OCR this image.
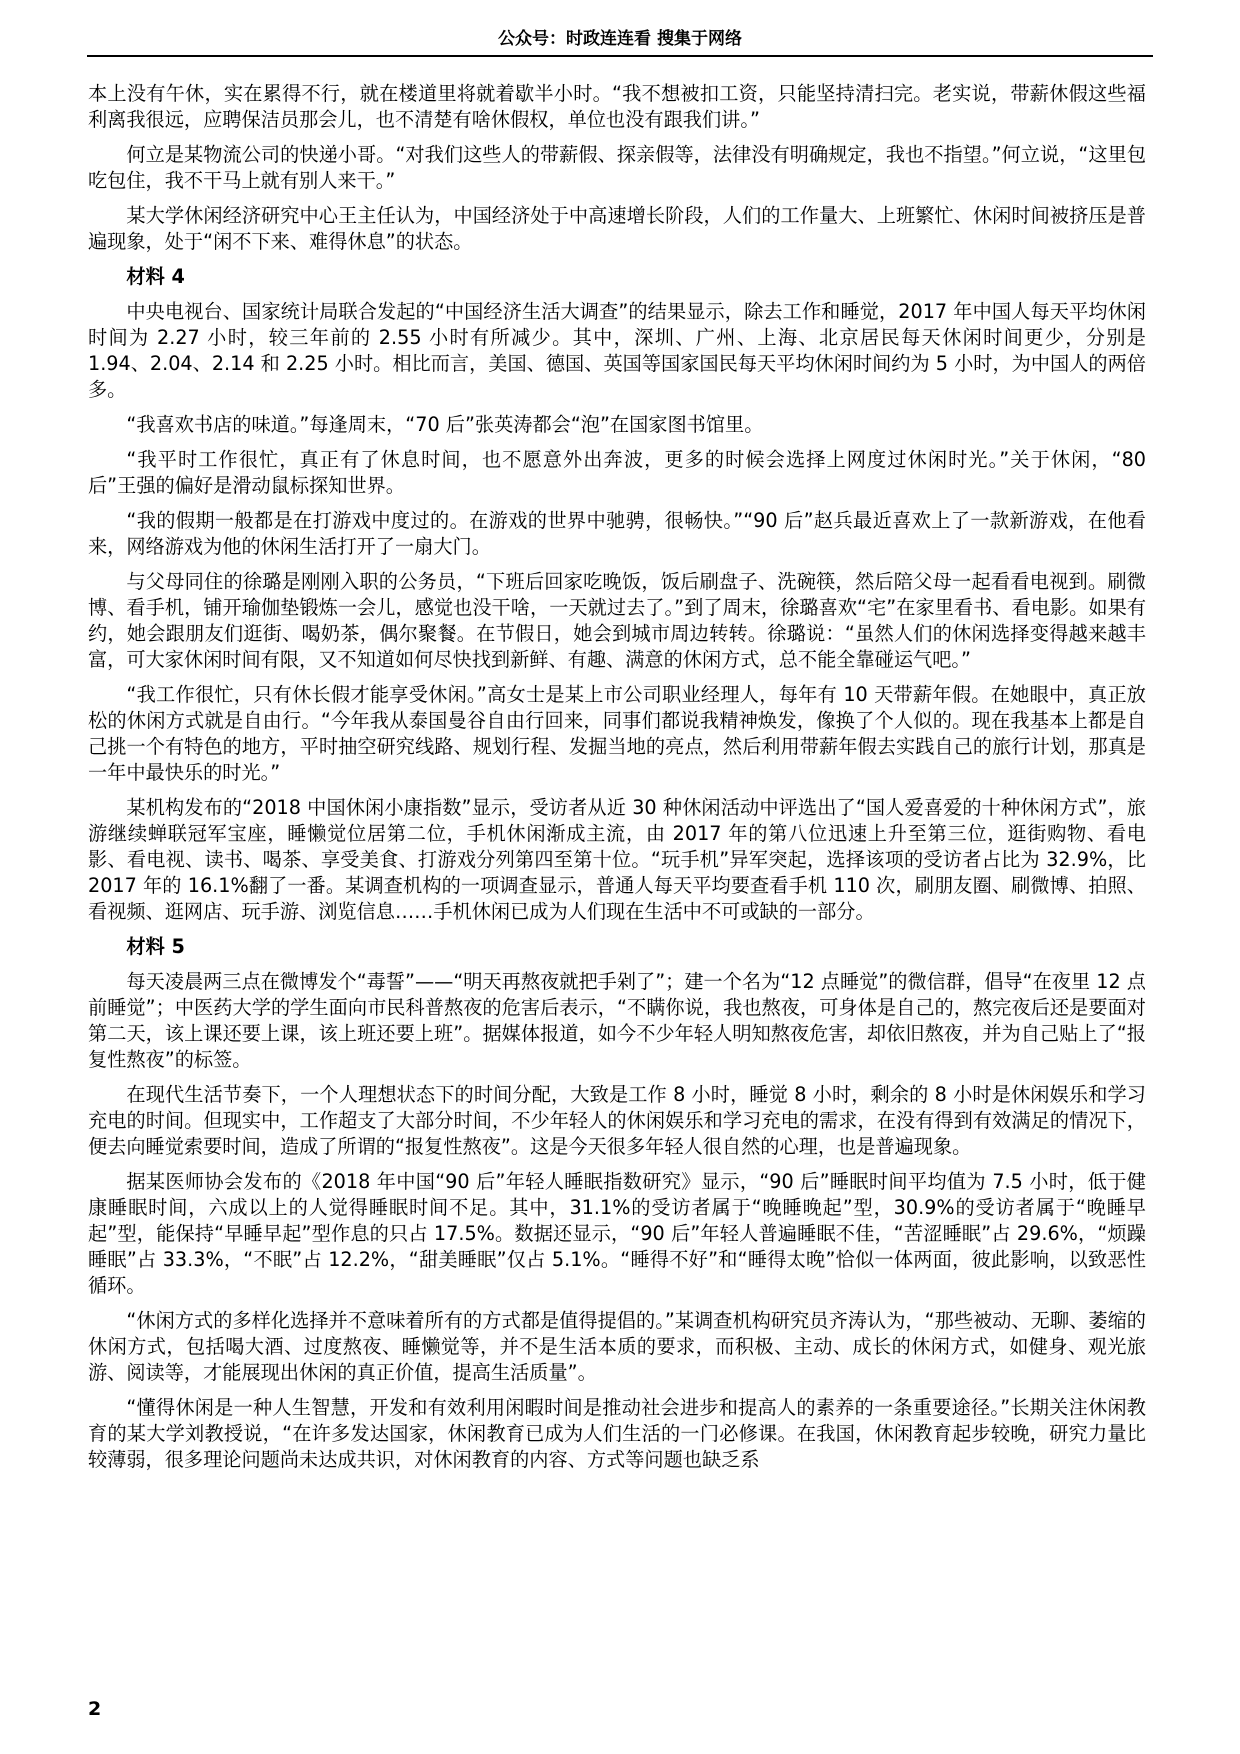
公众号：时政连连看 搜集于网络

本上没有午休，实在累得不行，就在楼道里将就着歇半小时。“我不想被扣工资，只能坚持清扫完。老实说，带薪休假这些福利离我很远，应聘保洁员那会儿，也不清楚有啥休假权，单位也没有跟我们讲。”

何立是某物流公司的快递小哥。“对我们这些人的带薪假、探亲假等，法律没有明确规定，我也不指望。”何立说，“这里包吃包住，我不干马上就有别人来干。”

某大学休闲经济研究中心王主任认为，中国经济处于中高速增长阶段，人们的工作量大、上班繁忙、休闲时间被挤压是普遍现象，处于“闲不下来、难得休息”的状态。

材料 4

中央电视台、国家统计局联合发起的“中国经济生活大调查”的结果显示，除去工作和睡觉，2017 年中国人每天平均休闲时间为 2.27 小时，较三年前的 2.55 小时有所减少。其中，深圳、广州、上海、北京居民每天休闲时间更少，分别是 1.94、2.04、2.14 和 2.25 小时。相比而言，美国、德国、英国等国家国民每天平均休闲时间约为 5 小时，为中国人的两倍多。

“我喜欢书店的味道。”每逢周末，“70 后”张英涛都会“泡”在国家图书馆里。

“我平时工作很忙，真正有了休息时间，也不愿意外出奔波，更多的时候会选择上网度过休闲时光。”关于休闲，“80 后”王强的偏好是滑动鼠标探知世界。

“我的假期一般都是在打游戏中度过的。在游戏的世界中驰骋，很畅快。”“90 后”赵兵最近喜欢上了一款新游戏，在他看来，网络游戏为他的休闲生活打开了一扇大门。

与父母同住的徐璐是刚刚入职的公务员，“下班后回家吃晚饭，饭后刷盘子、洗碗筷，然后陪父母一起看看电视到。刷微博、看手机，铺开瑜伽垫锻炼一会儿，感觉也没干啥，一天就过去了。”到了周末，徐璐喜欢“宅”在家里看书、看电影。如果有约，她会跟朋友们逛街、喝奶茶，偶尔聚餐。在节假日，她会到城市周边转转。徐璐说：“虽然人们的休闲选择变得越来越丰富，可大家休闲时间有限，又不知道如何尽快找到新鲜、有趣、满意的休闲方式，总不能全靠碰运气吧。”

“我工作很忙，只有休长假才能享受休闲。”高女士是某上市公司职业经理人，每年有 10 天带薪年假。在她眼中，真正放松的休闲方式就是自由行。“今年我从泰国曼谷自由行回来，同事们都说我精神焕发，像换了个人似的。现在我基本上都是自己挑一个有特色的地方，平时抽空研究线路、规划行程、发掘当地的亮点，然后利用带薪年假去实践自己的旅行计划，那真是一年中最快乐的时光。”

某机构发布的“2018 中国休闲小康指数”显示，受访者从近 30 种休闲活动中评选出了“国人爱喜爱的十种休闲方式”，旅游继续蝉联冠军宝座，睡懒觉位居第二位，手机休闲渐成主流，由 2017 年的第八位迅速上升至第三位，逛街购物、看电影、看电视、读书、喝茶、享受美食、打游戏分列第四至第十位。“玩手机”异军突起，选择该项的受访者占比为 32.9%，比 2017 年的 16.1%翻了一番。某调查机构的一项调查显示，普通人每天平均要查看手机 110 次，刷朋友圈、刷微博、拍照、看视频、逛网店、玩手游、浏览信息……手机休闲已成为人们现在生活中不可或缺的一部分。

材料 5

每天凌晨两三点在微博发个“毒誓”——“明天再熬夜就把手剁了”；建一个名为“12 点睡觉”的微信群，倡导“在夜里 12 点前睡觉”；中医药大学的学生面向市民科普熬夜的危害后表示，“不瞒你说，我也熬夜，可身体是自己的，熬完夜后还是要面对第二天，该上课还要上课，该上班还要上班”。据媒体报道，如今不少年轻人明知熬夜危害，却依旧熬夜，并为自己贴上了“报复性熬夜”的标签。

在现代生活节奏下，一个人理想状态下的时间分配，大致是工作 8 小时，睡觉 8 小时，剩余的 8 小时是休闲娱乐和学习充电的时间。但现实中，工作超支了大部分时间，不少年轻人的休闲娱乐和学习充电的需求，在没有得到有效满足的情况下，便去向睡觉索要时间，造成了所谓的“报复性熬夜”。这是今天很多年轻人很自然的心理，也是普遍现象。

据某医师协会发布的《2018 年中国“90 后”年轻人睡眠指数研究》显示，“90 后”睡眠时间平均值为 7.5 小时，低于健康睡眠时间，六成以上的人觉得睡眠时间不足。其中，31.1%的受访者属于“晚睡晚起”型，30.9%的受访者属于“晚睡早起”型，能保持“早睡早起”型作息的只占 17.5%。数据还显示，“90 后”年轻人普遍睡眠不佳，“苦涩睡眠”占 29.6%，“烦躁睡眠”占 33.3%，“不眠”占 12.2%，“甜美睡眠”仅占 5.1%。“睡得不好”和“睡得太晚”恰似一体两面，彼此影响，以致恶性循环。

“休闲方式的多样化选择并不意味着所有的方式都是值得提倡的。”某调查机构研究员齐涛认为，“那些被动、无聊、萎缩的休闲方式，包括喝大酒、过度熬夜、睡懒觉等，并不是生活本质的要求，而积极、主动、成长的休闲方式，如健身、观光旅游、阅读等，才能展现出休闲的真正价值，提高生活质量”。

“懂得休闲是一种人生智慧，开发和有效利用闲暇时间是推动社会进步和提高人的素养的一条重要途径。”长期关注休闲教育的某大学刘教授说，“在许多发达国家，休闲教育已成为人们生活的一门必修课。在我国，休闲教育起步较晚，研究力量比较薄弱，很多理论问题尚未达成共识，对休闲教育的内容、方式等问题也缺乏系

2
